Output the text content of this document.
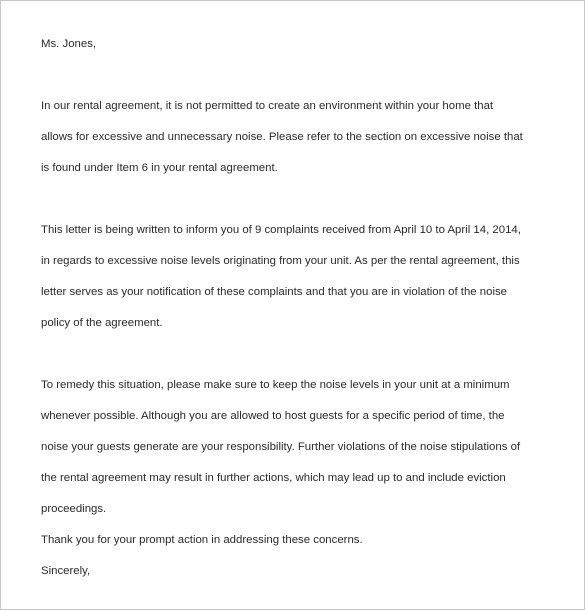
Ms. Jones,
In our rental agreement, it is not permitted to create an environment within your home that
allows for excessive and unnecessary noise. Please refer to the section on excessive noise that
is found under Item 6 in your rental agreement.
This letter is being written to inform you of 9 complaints received from April 10 to April 14, 2014,
in regards to excessive noise levels originating from your unit. As per the rental agreement, this
letter serves as your notification of these complaints and that you are in violation of the noise
policy of the agreement.
To remedy this situation, please make sure to keep the noise levels in your unit at a minimum
whenever possible. Although you are allowed to host guests for a specific period of time, the
noise your guests generate are your responsibility. Further violations of the noise stipulations of
the rental agreement may result in further actions, which may lead up to and include eviction
proceedings.
Thank you for your prompt action in addressing these concerns.
Sincerely,
